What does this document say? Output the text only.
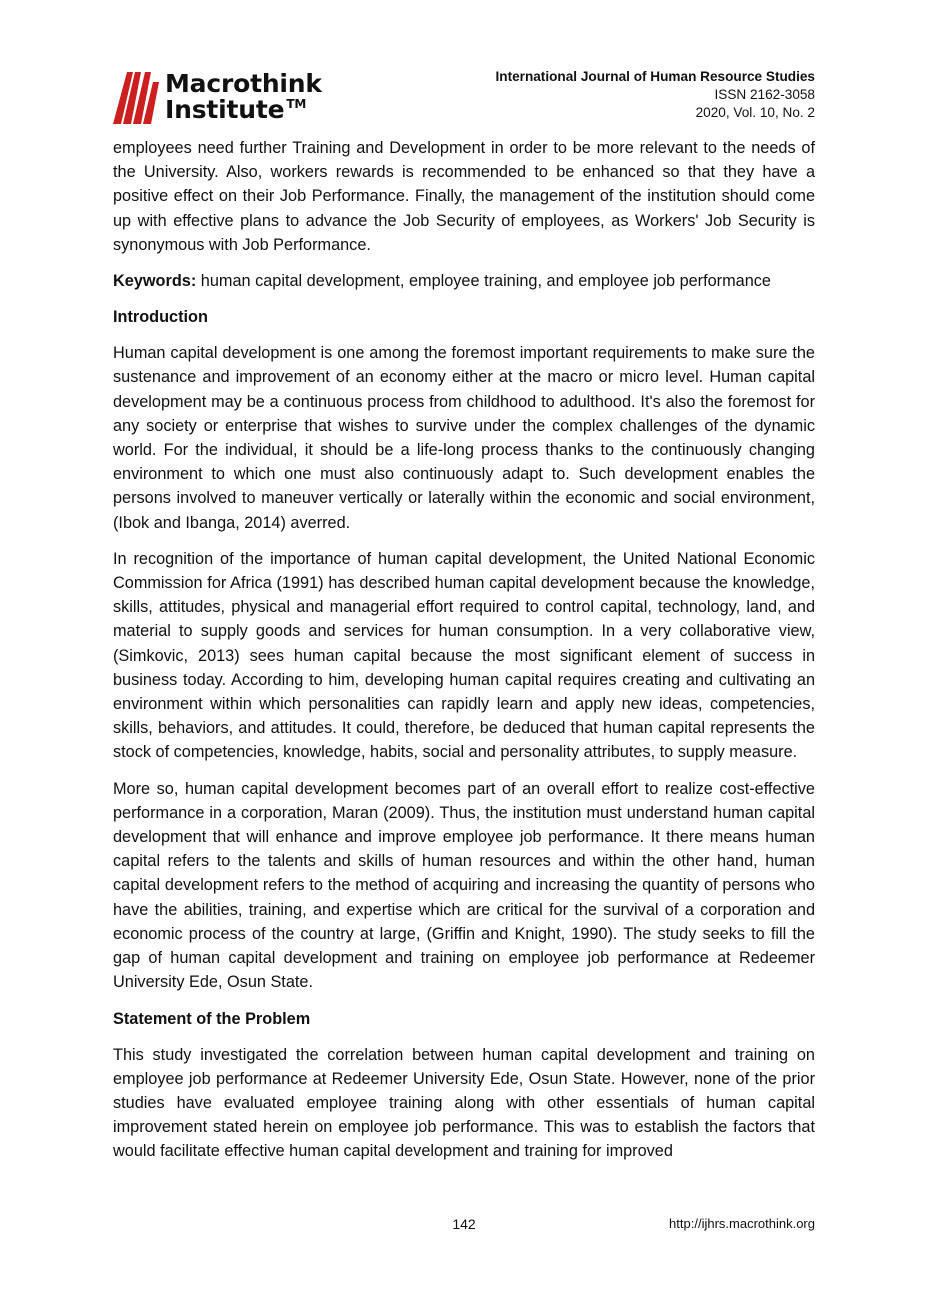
Macrothink
Institute ™
International Journal of Human Resource Studies
ISSN 2162-3058
2020, Vol. 10, No. 2

employees need further Training and Development in order to be more relevant to the needs of the University. Also, workers rewards is recommended to be enhanced so that they have a positive effect on their Job Performance. Finally, the management of the institution should come up with effective plans to advance the Job Security of employees, as Workers' Job Security is synonymous with Job Performance.

Keywords: human capital development, employee training, and employee job performance

Introduction

Human capital development is one among the foremost important requirements to make sure the sustenance and improvement of an economy either at the macro or micro level. Human capital development may be a continuous process from childhood to adulthood. It's also the foremost for any society or enterprise that wishes to survive under the complex challenges of the dynamic world. For the individual, it should be a life-long process thanks to the continuously changing environment to which one must also continuously adapt to. Such development enables the persons involved to maneuver vertically or laterally within the economic and social environment, (Ibok and Ibanga, 2014) averred.

In recognition of the importance of human capital development, the United National Economic Commission for Africa (1991) has described human capital development because the knowledge, skills, attitudes, physical and managerial effort required to control capital, technology, land, and material to supply goods and services for human consumption. In a very collaborative view, (Simkovic, 2013) sees human capital because the most significant element of success in business today. According to him, developing human capital requires creating and cultivating an environment within which personalities can rapidly learn and apply new ideas, competencies, skills, behaviors, and attitudes. It could, therefore, be deduced that human capital represents the stock of competencies, knowledge, habits, social and personality attributes, to supply measure.

More so, human capital development becomes part of an overall effort to realize cost-effective performance in a corporation, Maran (2009). Thus, the institution must understand human capital development that will enhance and improve employee job performance. It there means human capital refers to the talents and skills of human resources and within the other hand, human capital development refers to the method of acquiring and increasing the quantity of persons who have the abilities, training, and expertise which are critical for the survival of a corporation and economic process of the country at large, (Griffin and Knight, 1990). The study seeks to fill the gap of human capital development and training on employee job performance at Redeemer University Ede, Osun State.

Statement of the Problem

This study investigated the correlation between human capital development and training on employee job performance at Redeemer University Ede, Osun State. However, none of the prior studies have evaluated employee training along with other essentials of human capital improvement stated herein on employee job performance. This was to establish the factors that would facilitate effective human capital development and training for improved

142	http://ijhrs.macrothink.org
